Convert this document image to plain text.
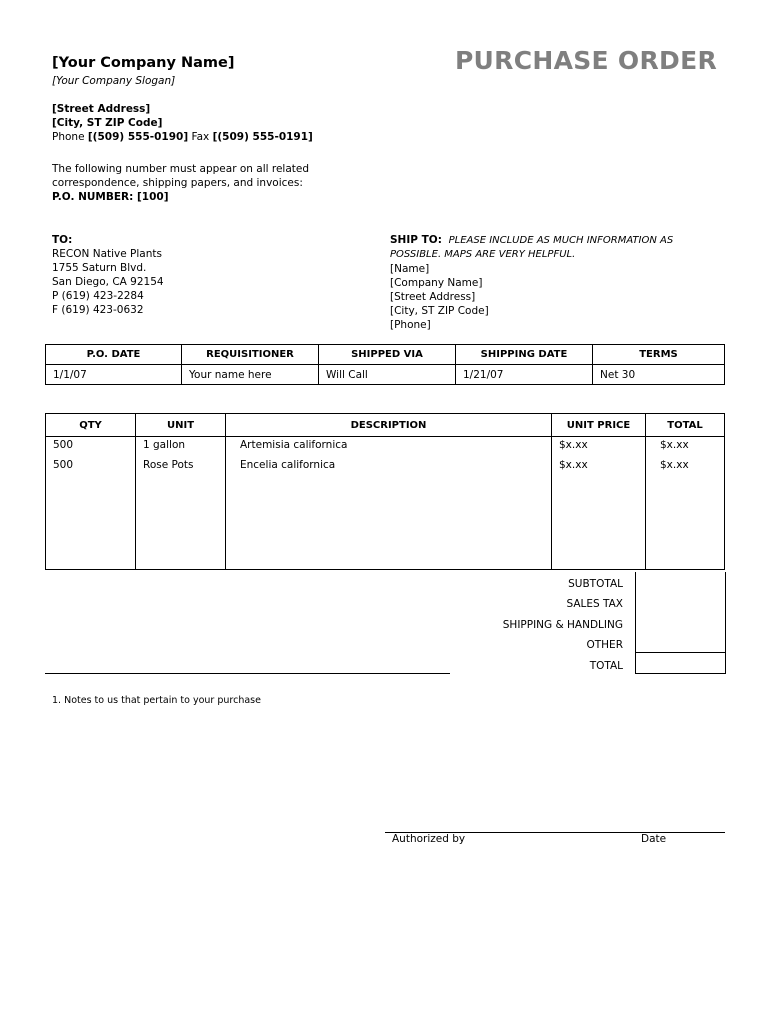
[Your Company Name]
[Your Company Slogan]
PURCHASE ORDER
[Street Address]
[City, ST ZIP Code]
Phone [(509) 555-0190] Fax [(509) 555-0191]
The following number must appear on all related
correspondence, shipping papers, and invoices:
P.O. NUMBER: [100]
TO:
RECON Native Plants
1755 Saturn Blvd.
San Diego, CA 92154
P (619) 423-2284
F (619) 423-0632
SHIP TO: PLEASE INCLUDE AS MUCH INFORMATION AS
POSSIBLE. MAPS ARE VERY HELPFUL.
[Name]
[Company Name]
[Street Address]
[City, ST ZIP Code]
[Phone]
P.O. DATE	REQUISITIONER	SHIPPED VIA	SHIPPING DATE	TERMS
1/1/07	Your name here	Will Call	1/21/07	Net 30
QTY	UNIT	DESCRIPTION	UNIT PRICE	TOTAL
500	1 gallon	Artemisia californica	$x.xx	$x.xx
500	Rose Pots	Encelia californica	$x.xx	$x.xx

SUBTOTAL
SALES TAX
SHIPPING & HANDLING
OTHER
TOTAL
1. Notes to us that pertain to your purchase
Authorized by	Date
